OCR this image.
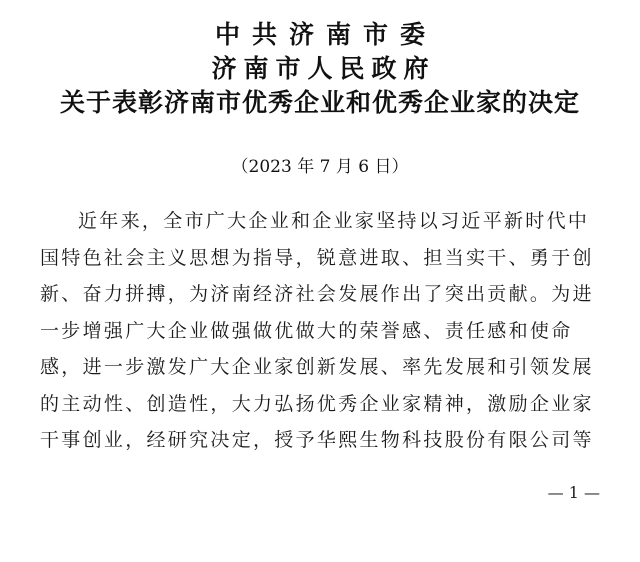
中共济南市委
济南市人民政府
关于表彰济南市优秀企业和优秀企业家的决定
（2023 年 7 月 6 日）
近年来，全市广大企业和企业家坚持以习近平新时代中
国特色社会主义思想为指导，锐意进取、担当实干、勇于创
新、奋力拼搏，为济南经济社会发展作出了突出贡献。为进
一步增强广大企业做强做优做大的荣誉感、责任感和使命
感，进一步激发广大企业家创新发展、率先发展和引领发展
的主动性、创造性，大力弘扬优秀企业家精神，激励企业家
干事创业，经研究决定，授予华熙生物科技股份有限公司等
— 1 —
